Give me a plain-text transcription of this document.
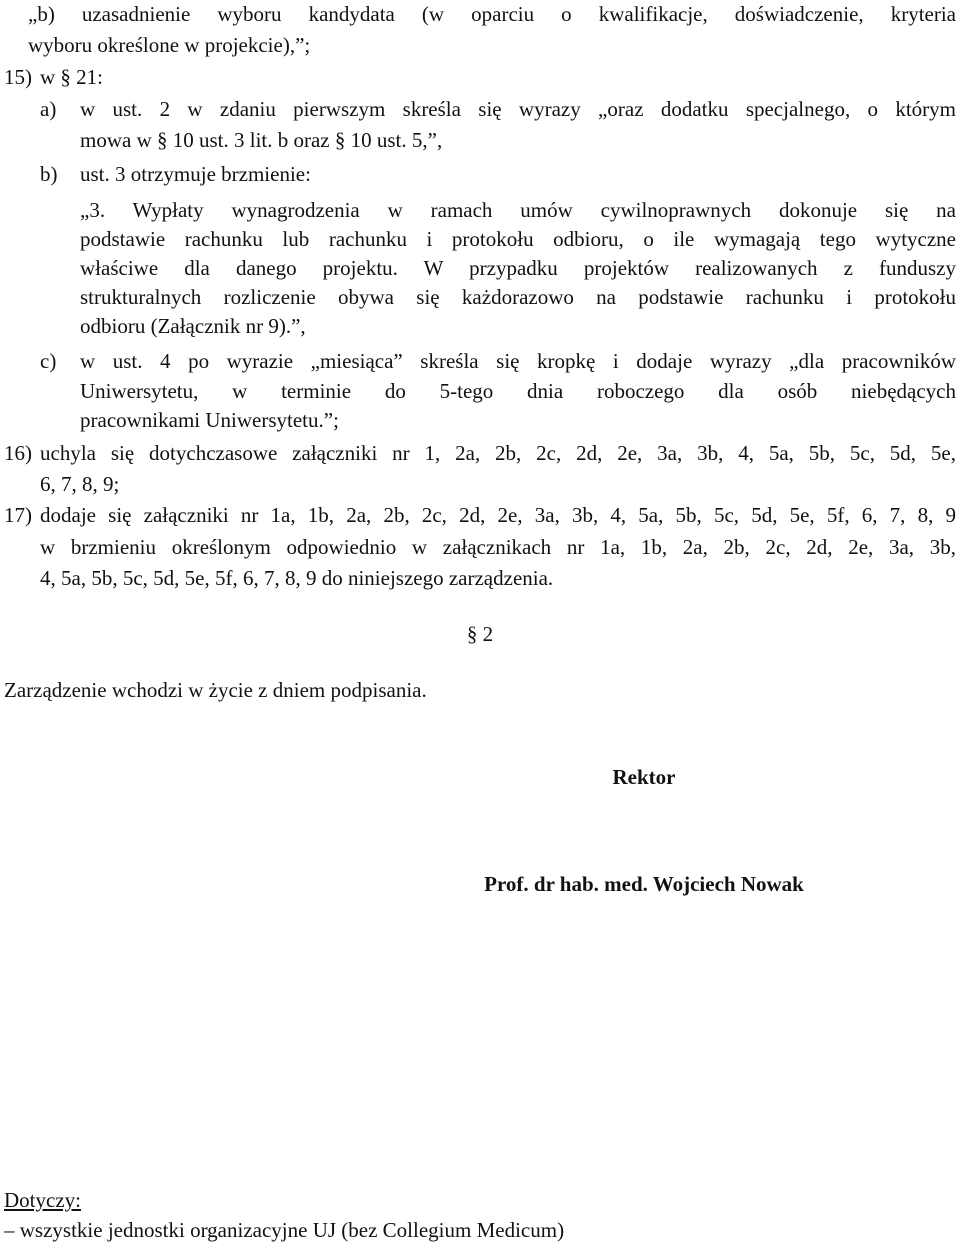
„b) uzasadnienie wyboru kandydata (w oparciu o kwalifikacje, doświadczenie, kryteria
wyboru określone w projekcie),”;
15) w § 21:
a) w ust. 2 w zdaniu pierwszym skreśla się wyrazy „oraz dodatku specjalnego, o którym
mowa w § 10 ust. 3 lit. b oraz § 10 ust. 5,”,
b) ust. 3 otrzymuje brzmienie:
„3. Wypłaty wynagrodzenia w ramach umów cywilnoprawnych dokonuje się na
podstawie rachunku lub rachunku i protokołu odbioru, o ile wymagają tego wytyczne
właściwe dla danego projektu. W przypadku projektów realizowanych z funduszy
strukturalnych rozliczenie obywa się każdorazowo na podstawie rachunku i protokołu
odbioru (Załącznik nr 9).”,
c) w ust. 4 po wyrazie „miesiąca” skreśla się kropkę i dodaje wyrazy „dla pracowników
Uniwersytetu, w terminie do 5-tego dnia roboczego dla osób niebędących
pracownikami Uniwersytetu.”;
16) uchyla się dotychczasowe załączniki nr 1, 2a, 2b, 2c, 2d, 2e, 3a, 3b, 4, 5a, 5b, 5c, 5d, 5e,
6, 7, 8, 9;
17) dodaje się załączniki nr 1a, 1b, 2a, 2b, 2c, 2d, 2e, 3a, 3b, 4, 5a, 5b, 5c, 5d, 5e, 5f, 6, 7, 8, 9
w brzmieniu określonym odpowiednio w załącznikach nr 1a, 1b, 2a, 2b, 2c, 2d, 2e, 3a, 3b,
4, 5a, 5b, 5c, 5d, 5e, 5f, 6, 7, 8, 9 do niniejszego zarządzenia.
§ 2
Zarządzenie wchodzi w życie z dniem podpisania.
Rektor
Prof. dr hab. med. Wojciech Nowak
Dotyczy:
– wszystkie jednostki organizacyjne UJ (bez Collegium Medicum)
